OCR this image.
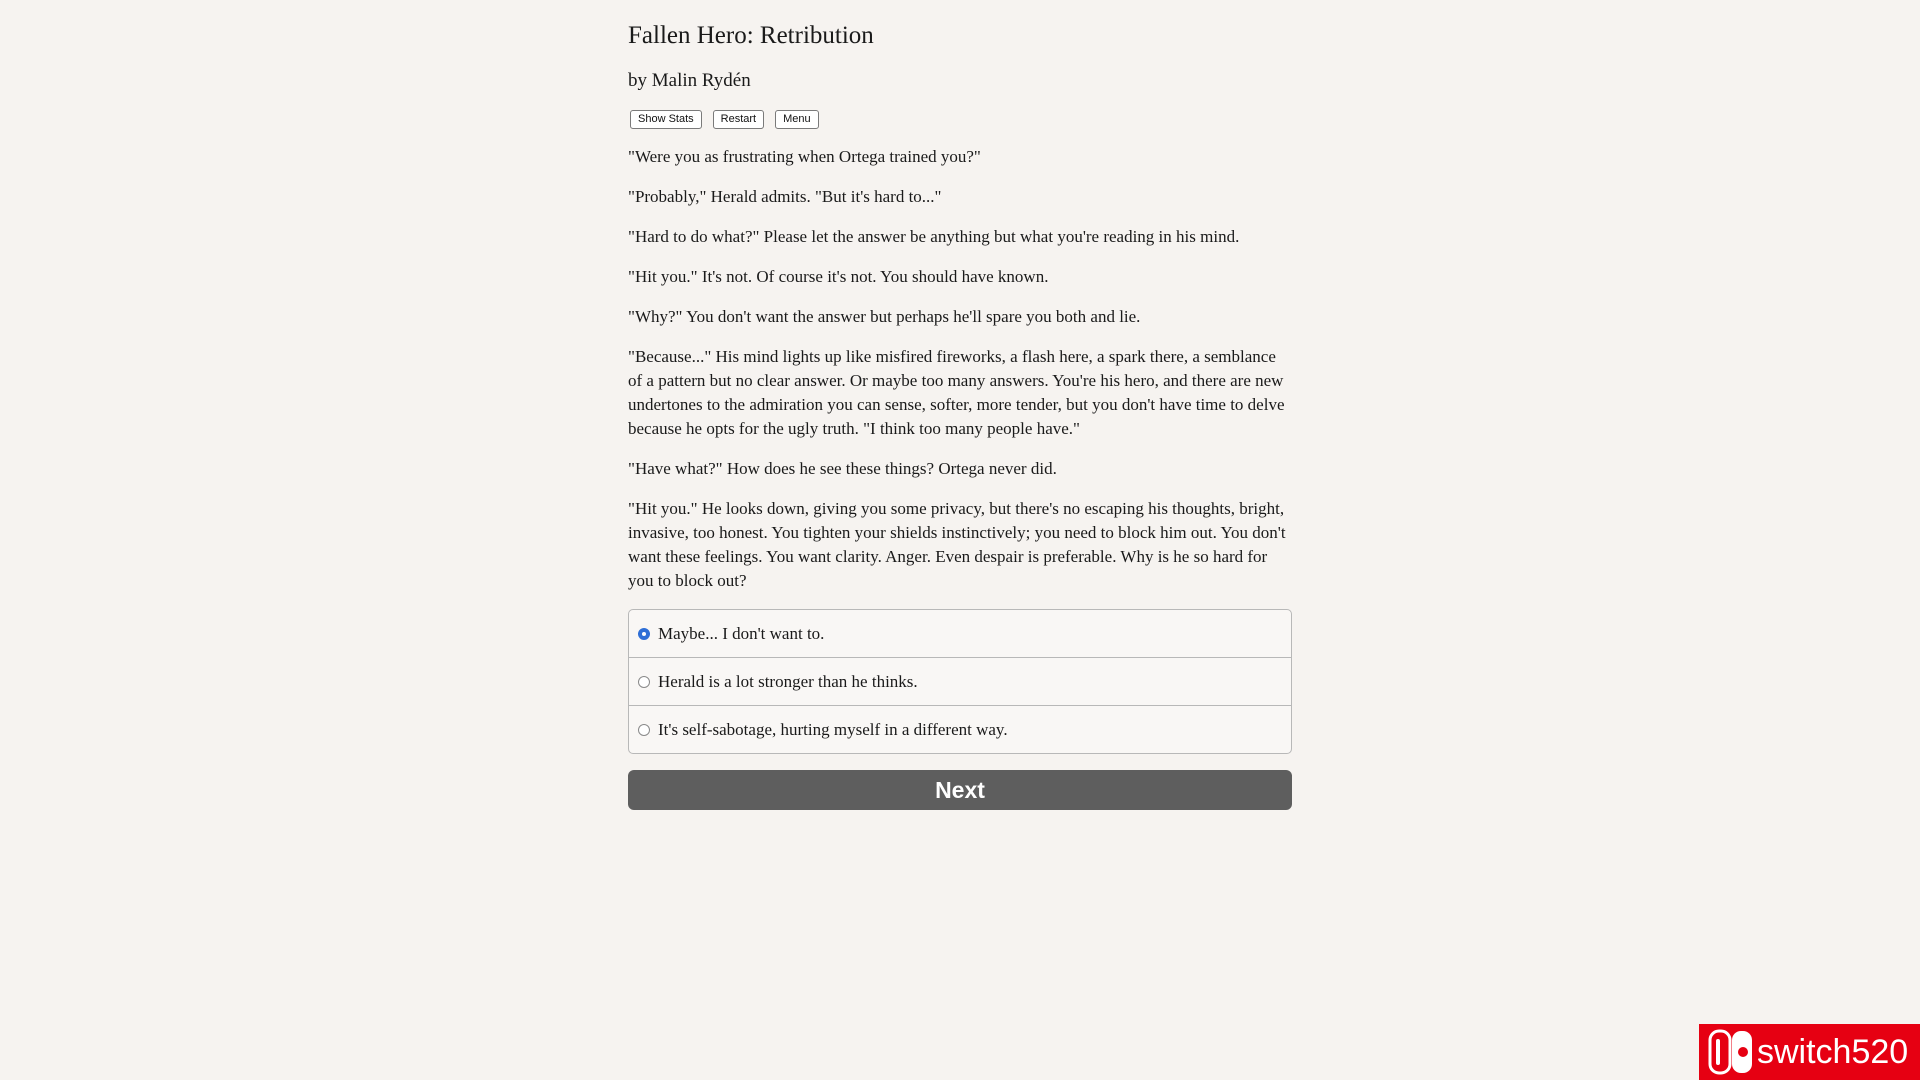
Fallen Hero: Retribution
by Malin Rydén
Show Stats	Restart	Menu

"Were you as frustrating when Ortega trained you?"

"Probably," Herald admits. "But it's hard to..."

"Hard to do what?" Please let the answer be anything but what you're reading in his mind.

"Hit you." It's not. Of course it's not. You should have known.

"Why?" You don't want the answer but perhaps he'll spare you both and lie.

"Because..." His mind lights up like misfired fireworks, a flash here, a spark there, a semblance of a pattern but no clear answer. Or maybe too many answers. You're his hero, and there are new undertones to the admiration you can sense, softer, more tender, but you don't have time to delve because he opts for the ugly truth. "I think too many people have."

"Have what?" How does he see these things? Ortega never did.

"Hit you." He looks down, giving you some privacy, but there's no escaping his thoughts, bright, invasive, too honest. You tighten your shields instinctively; you need to block him out. You don't want these feelings. You want clarity. Anger. Even despair is preferable. Why is he so hard for you to block out?

Maybe... I don't want to.
Herald is a lot stronger than he thinks.
It's self-sabotage, hurting myself in a different way.
Next
switch520
